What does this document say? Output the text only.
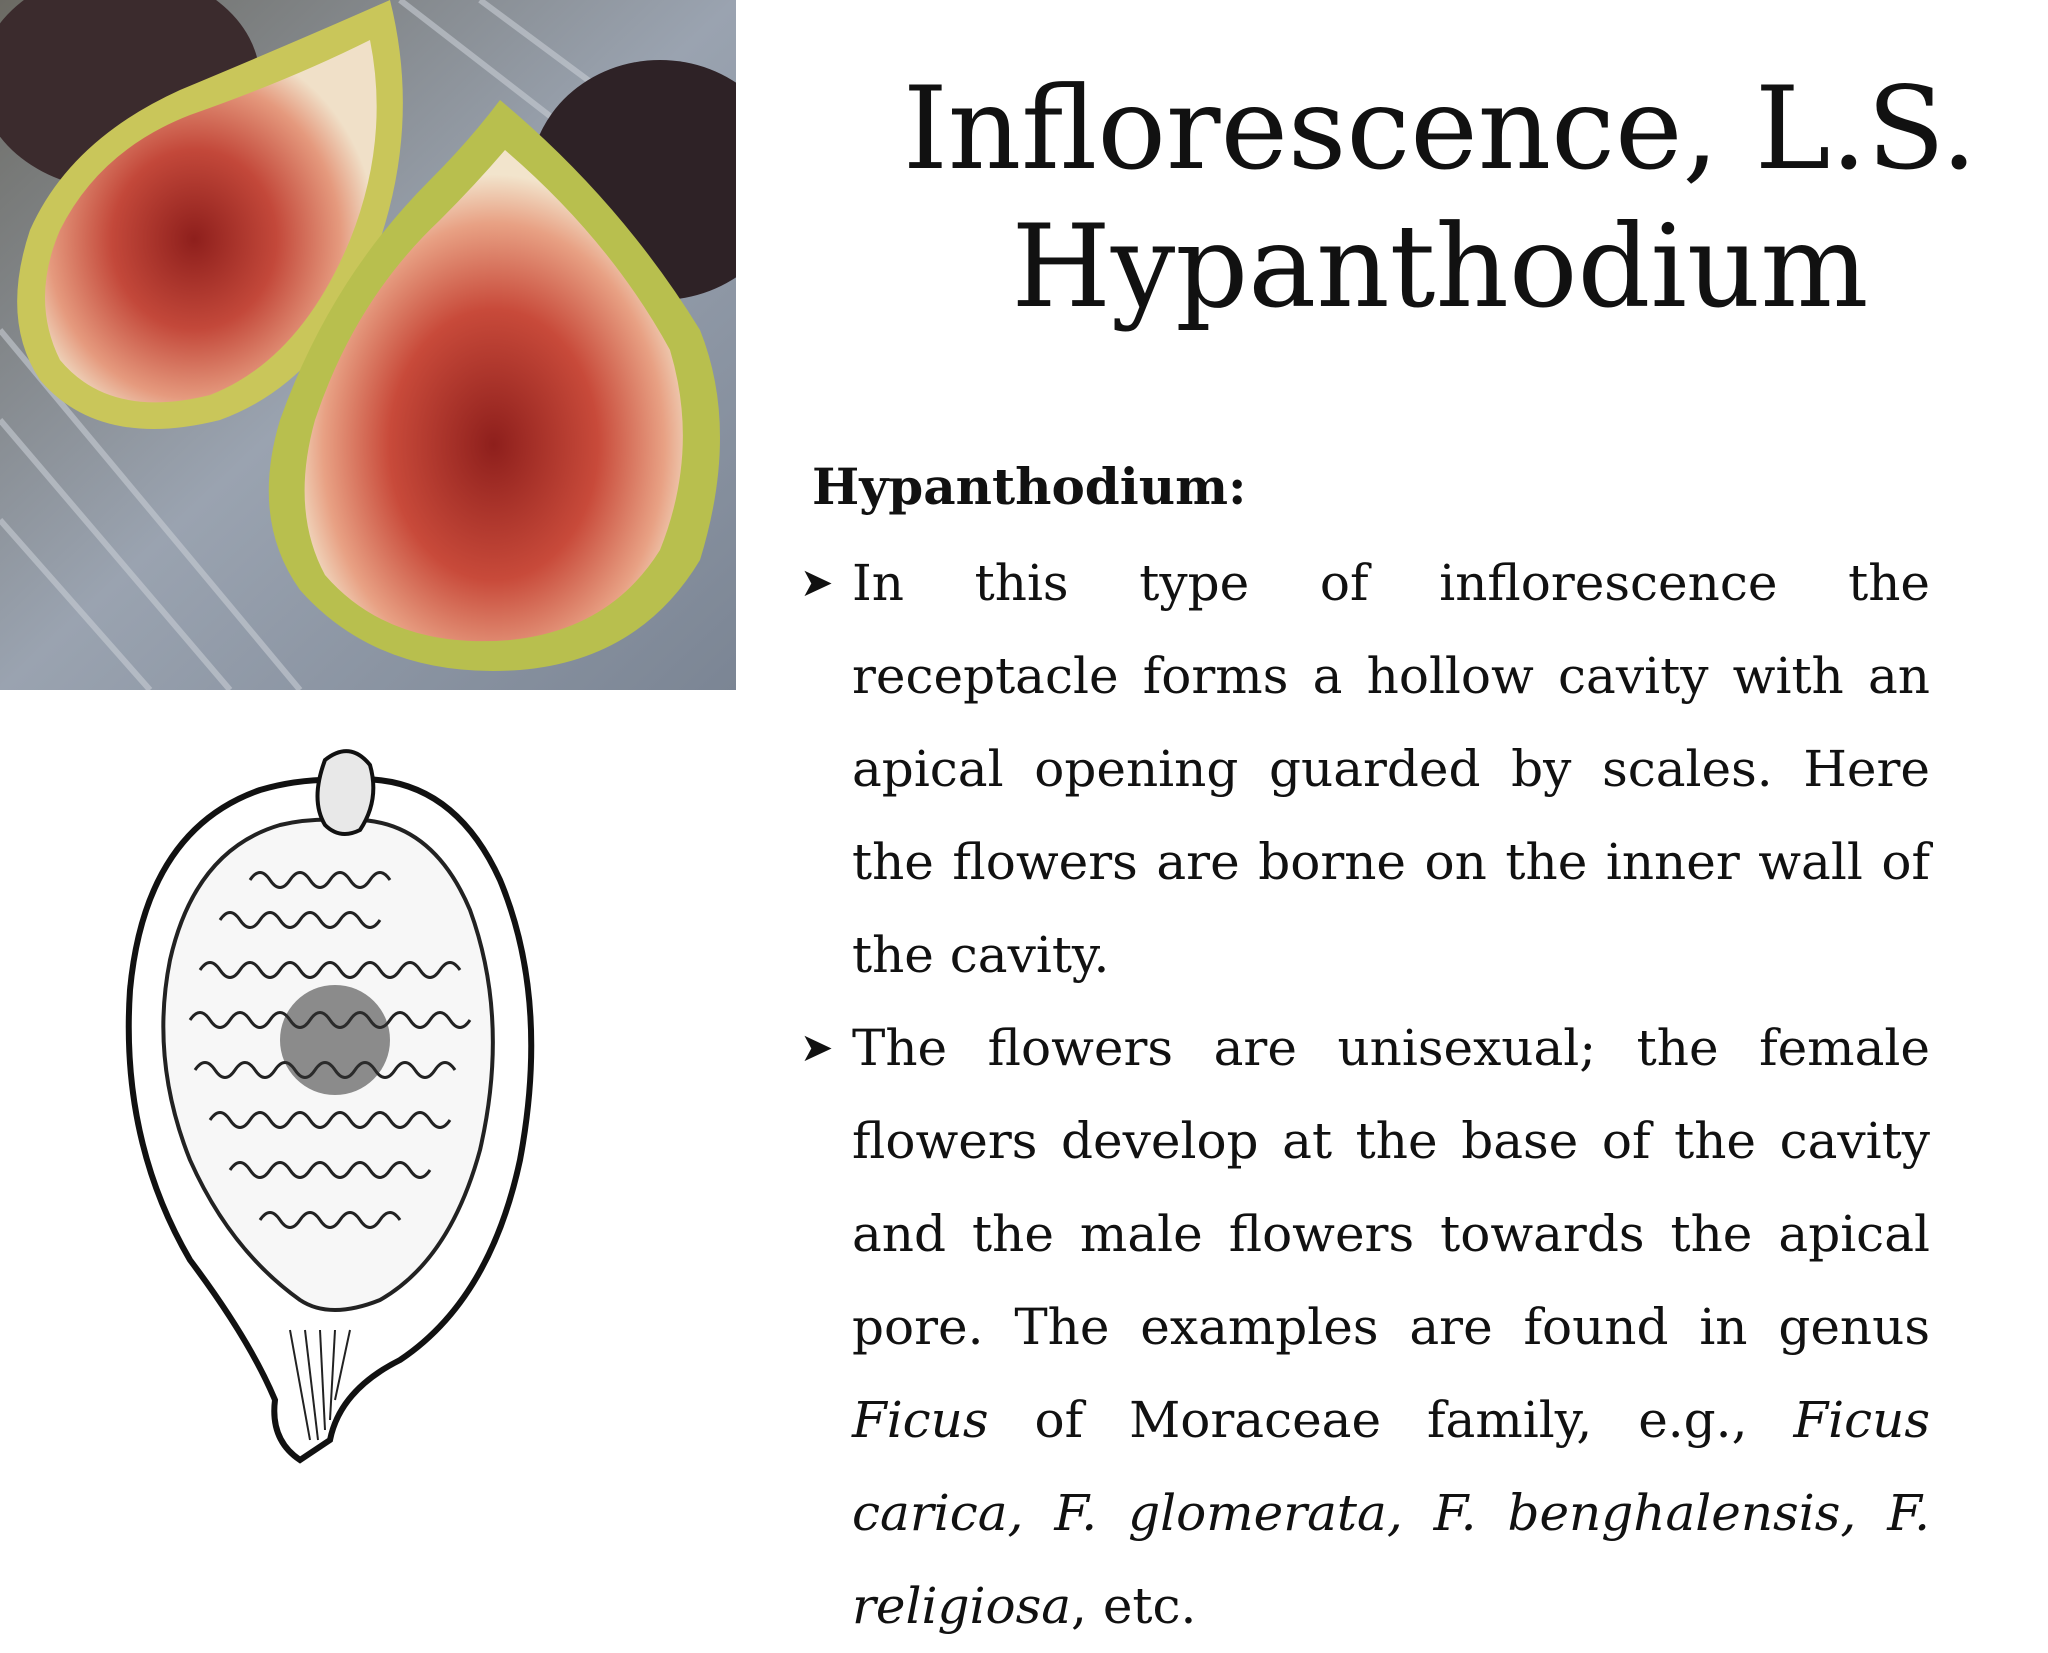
Inflorescence, L.S.
Hypanthodium
Hypanthodium:
➤ In this type of inflorescence the receptacle forms a hollow cavity with an apical opening guarded by scales. Here the flowers are borne on the inner wall of the cavity.

➤ The flowers are unisexual; the female flowers develop at the base of the cavity and the male flowers towards the apical pore. The examples are found in genus Ficus of Moraceae family, e.g., Ficus carica, F. glomerata, F. benghalensis, F. religiosa, etc.
